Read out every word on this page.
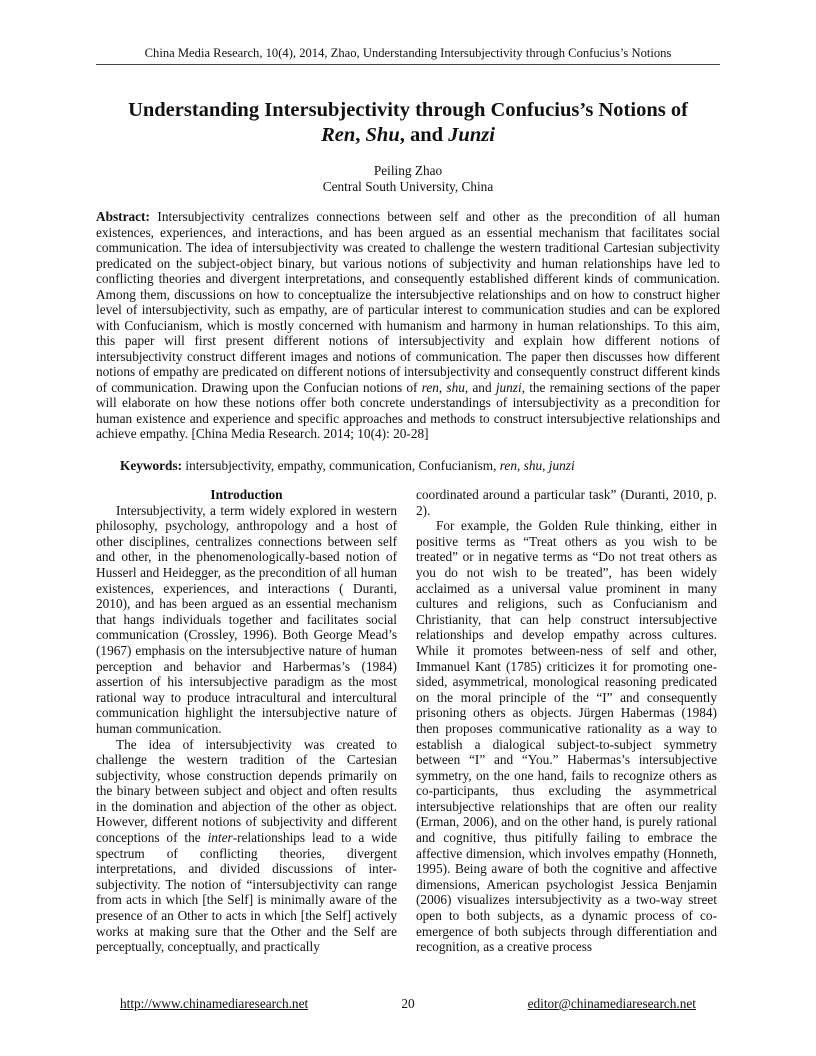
China Media Research, 10(4), 2014, Zhao, Understanding Intersubjectivity through Confucius’s Notions
Understanding Intersubjectivity through Confucius’s Notions of
Ren, Shu, and Junzi
Peiling Zhao
Central South University, China
Abstract: Intersubjectivity centralizes connections between self and other as the precondition of all human existences, experiences, and interactions, and has been argued as an essential mechanism that facilitates social communication. The idea of intersubjectivity was created to challenge the western traditional Cartesian subjectivity predicated on the subject-object binary, but various notions of subjectivity and human relationships have led to conflicting theories and divergent interpretations, and consequently established different kinds of communication. Among them, discussions on how to conceptualize the intersubjective relationships and on how to construct higher level of intersubjectivity, such as empathy, are of particular interest to communication studies and can be explored with Confucianism, which is mostly concerned with humanism and harmony in human relationships. To this aim, this paper will first present different notions of intersubjectivity and explain how different notions of intersubjectivity construct different images and notions of communication. The paper then discusses how different notions of empathy are predicated on different notions of intersubjectivity and consequently construct different kinds of communication. Drawing upon the Confucian notions of ren, shu, and junzi, the remaining sections of the paper will elaborate on how these notions offer both concrete understandings of intersubjectivity as a precondition for human existence and experience and specific approaches and methods to construct intersubjective relationships and achieve empathy. [China Media Research. 2014; 10(4): 20-28]
Keywords: intersubjectivity, empathy, communication, Confucianism, ren, shu, junzi
Introduction

Intersubjectivity, a term widely explored in western philosophy, psychology, anthropology and a host of other disciplines, centralizes connections between self and other, in the phenomenologically-based notion of Husserl and Heidegger, as the precondition of all human existences, experiences, and interactions ( Duranti, 2010), and has been argued as an essential mechanism that hangs individuals together and facilitates social communication (Crossley, 1996). Both George Mead’s (1967) emphasis on the intersubjective nature of human perception and behavior and Harbermas’s (1984) assertion of his intersubjective paradigm as the most rational way to produce intracultural and intercultural communication highlight the intersubjective nature of human communication.

The idea of intersubjectivity was created to challenge the western tradition of the Cartesian subjectivity, whose construction depends primarily on the binary between subject and object and often results in the domination and abjection of the other as object. However, different notions of subjectivity and different conceptions of the inter-relationships lead to a wide spectrum of conflicting theories, divergent interpretations, and divided discussions of inter-subjectivity. The notion of “intersubjectivity can range from acts in which [the Self] is minimally aware of the presence of an Other to acts in which [the Self] actively works at making sure that the Other and the Self are perceptually, conceptually, and practically

coordinated around a particular task” (Duranti, 2010, p. 2).

For example, the Golden Rule thinking, either in positive terms as “Treat others as you wish to be treated” or in negative terms as “Do not treat others as you do not wish to be treated”, has been widely acclaimed as a universal value prominent in many cultures and religions, such as Confucianism and Christianity, that can help construct intersubjective relationships and develop empathy across cultures. While it promotes between-ness of self and other, Immanuel Kant (1785) criticizes it for promoting one-sided, asymmetrical, monological reasoning predicated on the moral principle of the “I” and consequently prisoning others as objects. Jürgen Habermas (1984) then proposes communicative rationality as a way to establish a dialogical subject-to-subject symmetry between “I” and “You.” Habermas’s intersubjective symmetry, on the one hand, fails to recognize others as co-participants, thus excluding the asymmetrical intersubjective relationships that are often our reality (Erman, 2006), and on the other hand, is purely rational and cognitive, thus pitifully failing to embrace the affective dimension, which involves empathy (Honneth, 1995). Being aware of both the cognitive and affective dimensions, American psychologist Jessica Benjamin (2006) visualizes intersubjectivity as a two-way street open to both subjects, as a dynamic process of co-emergence of both subjects through differentiation and recognition, as a creative process

http://www.chinamediaresearch.net	20	editor@chinamediaresearch.net
